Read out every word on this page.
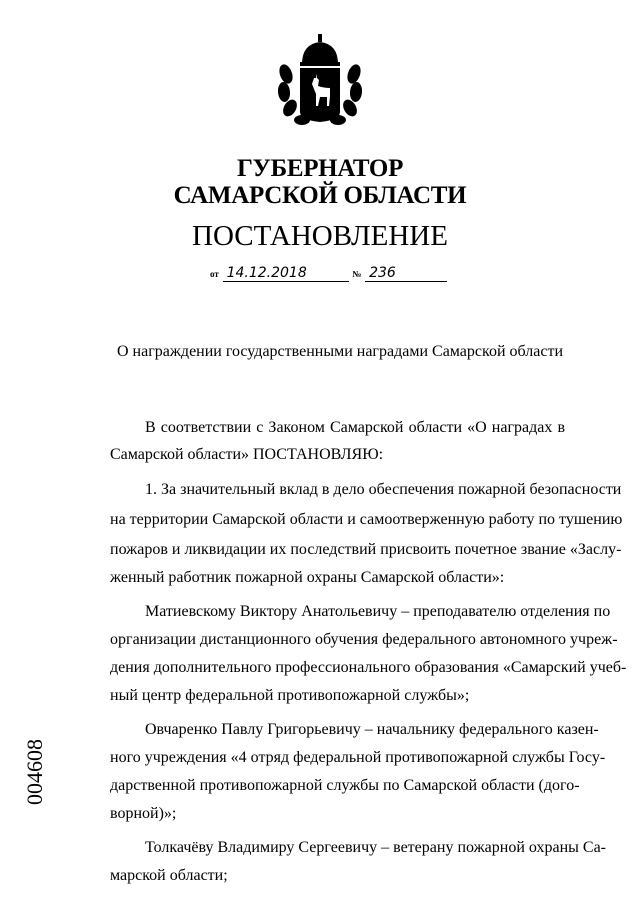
ГУБЕРНАТОР
САМАРСКОЙ ОБЛАСТИ
ПОСТАНОВЛЕНИЕ
от 14.12.2018	№ 236
О награждении государственными наградами Самарской области
В соответствии с Законом Самарской области «О наградах в
Самарской области» ПОСТАНОВЛЯЮ:
1. За значительный вклад в дело обеспечения пожарной безопасности
на территории Самарской области и самоотверженную работу по тушению
пожаров и ликвидации их последствий присвоить почетное звание «Заслу-
женный работник пожарной охраны Самарской области»:
Матиевскому Виктору Анатольевичу – преподавателю отделения по
организации дистанционного обучения федерального автономного учреж-
дения дополнительного профессионального образования «Самарский учеб-
ный центр федеральной противопожарной службы»;
Овчаренко Павлу Григорьевичу – начальнику федерального казен-
ного учреждения «4 отряд федеральной противопожарной службы Госу-
дарственной противопожарной службы по Самарской области (дого-
ворной)»;
Толкачёву Владимиру Сергеевичу – ветерану пожарной охраны Са-
марской области;
004608
